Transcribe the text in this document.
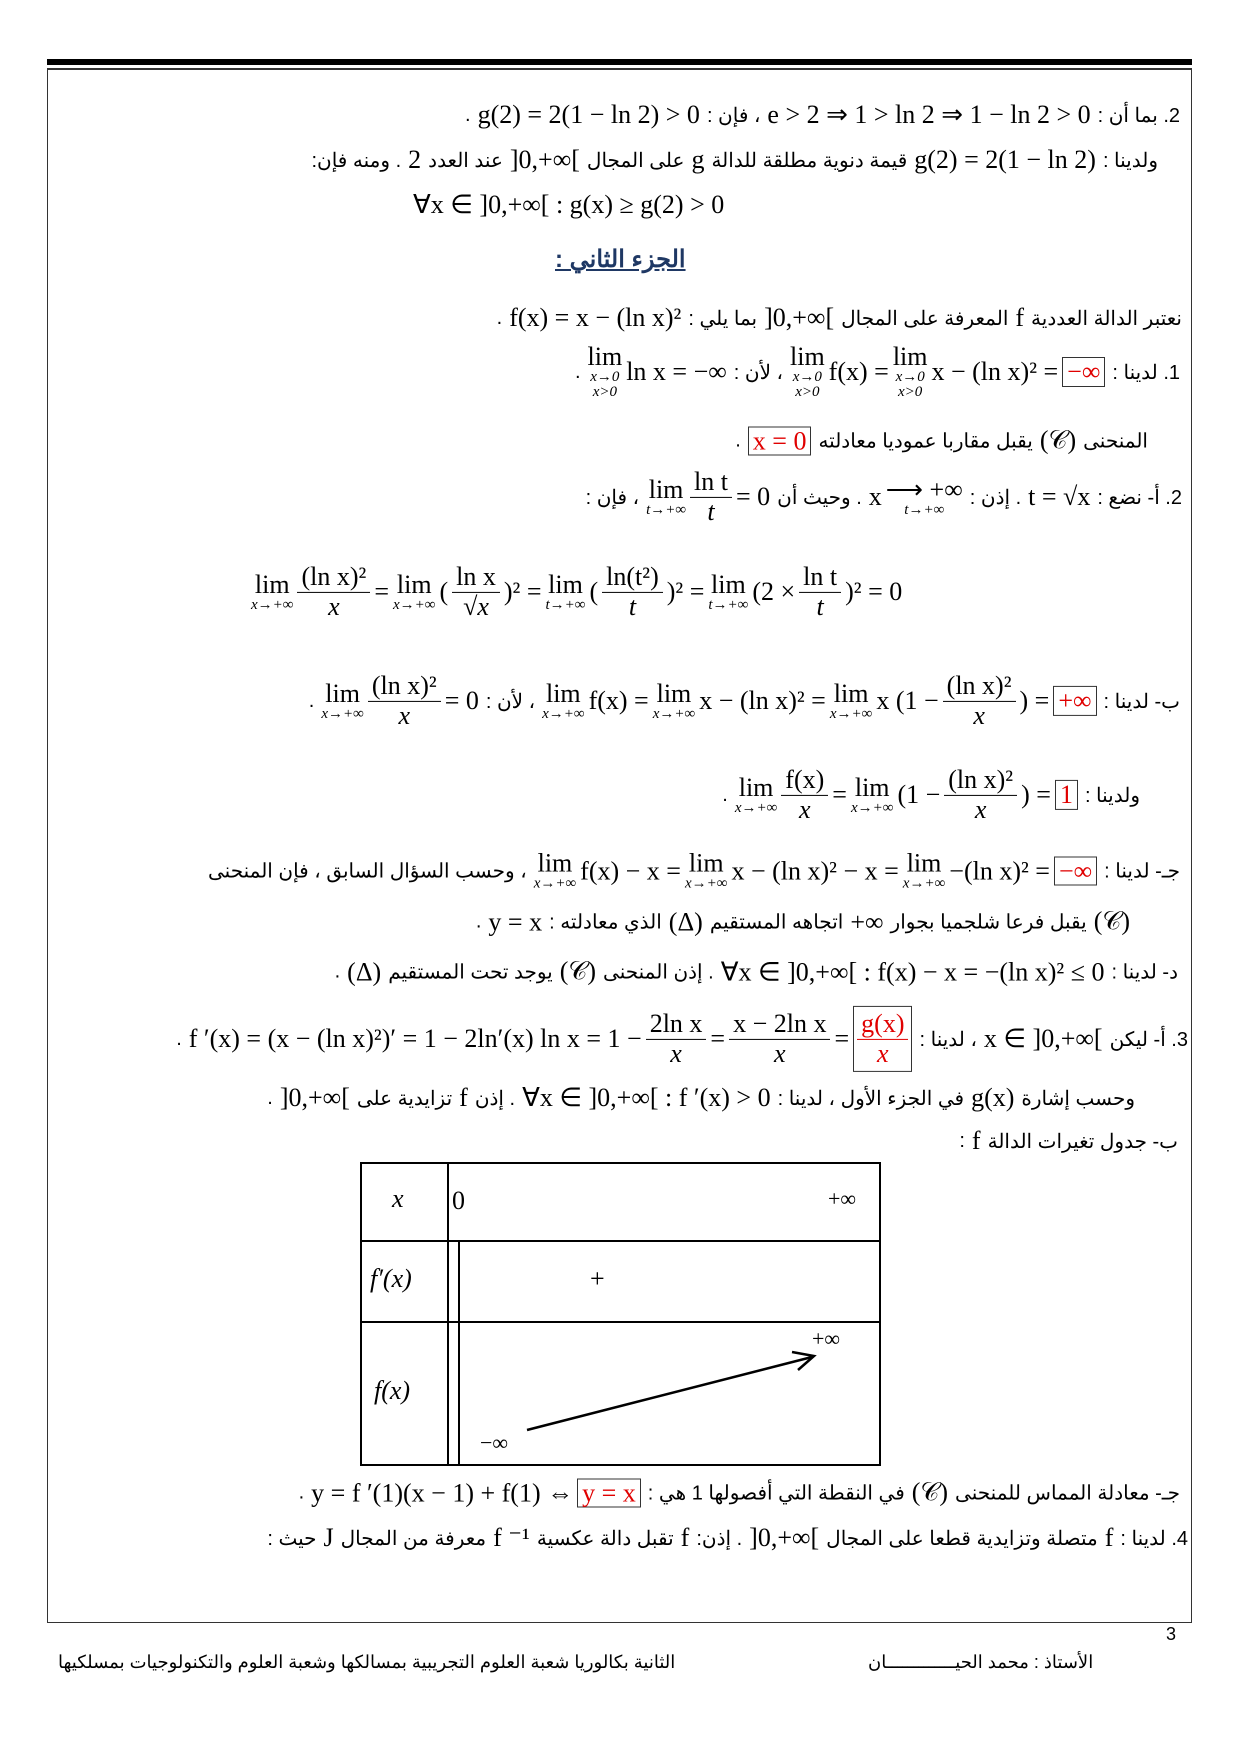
الجزء الثاني :
2. بما أن :
e > 2 ⇒ 1 > ln 2 ⇒ 1 − ln 2 > 0
، فإن :
g(2) = 2(1 − ln 2) > 0
.
ولدينا :
g(2) = 2(1 − ln 2)
قيمة دنوية مطلقة للدالة
g
على المجال
]0,+∞[
عند العدد
2
. ومنه فإن:
∀x ∈ ]0,+∞[ : g(x) ≥ g(2) > 0
نعتبر الدالة العددية
f
المعرفة على المجال
]0,+∞[
بما يلي :
f(x) = x − (ln x)²
.
1. لدينا :
lim
x→0
x>0
f(x) =
lim
x→0
x>0
x − (ln x)² = −∞
، لأن :
lim
x→0
x>0
ln x = −∞
.
المنحنى
(𝒞)
يقبل مقاربا عموديا معادلته
x = 0
.
2. أ- نضع :
t = √x
. إذن :
x ⟶ +∞
t→+∞
. وحيث أن
lim
$t\to+\infty \frac{\text{ln t}}{t} = 0$
، فإن :
lim
$x\to+\infty \frac{\text{(ln x)²}}{x} = \lim$
x→+∞ ( $\frac{\text{ln x}}{√x} )^2 = \lim$
t→+∞ ( $\frac{\text{ln(t²)}}{t} )^2 = \lim$
t→+∞ $(2 \times \frac{\text{ln t}}{t} )^2 = 0$
ب- لدينا :
lim
x→+∞ f(x) = lim
x→+∞ x − (ln x)² = lim
x→+∞ x ($1 - \frac{\text{(ln x)²}}{x}$ ) = +∞
، لأن :
lim
$x\to+\infty \frac{\text{(ln x)²}}{x} = 0$
.
ولدينا :
lim
$x\to+\infty \frac{f(x)}{x} = \lim$
x→+∞ ($1 - \frac{\text{(ln x)²}}{x}$ ) = 1
.
جـ- لدينا :
lim
x→+∞ f(x) − x = lim
x→+∞ x − (ln x)² − x = lim
x→+∞ −(ln x)² = −∞
، وحسب السؤال السابق ، فإن المنحنى
(𝒞)
يقبل فرعا شلجميا بجوار
+∞
اتجاهه المستقيم
(Δ)
الذي معادلته :
y = x
.
د- لدينا :
∀x ∈ ]0,+∞[ : f(x) − x = −(ln x)² ≤ 0
. إذن المنحنى
(𝒞)
يوجد تحت المستقيم
(Δ)
.
3. أ- ليكن
x ∈ ]0,+∞[
، لدينا :
f ′(x) = (x − (ln x)²)′ = 1 − 2ln′(x) $\ln x = 1 - \frac{\text{2ln x}}{x} = \frac{\text{x − 2ln x}}{x} = \frac{g(x)}{x}$
.
وحسب إشارة
g(x)
في الجزء الأول ، لدينا :
∀x ∈ ]0,+∞[ : f ′(x) > 0
. إذن
f
تزايدية على
]0,+∞[
.
ب- جدول تغيرات الدالة
f
:
جـ- معادلة المماس للمنحنى
(𝒞)
في النقطة التي أفصولها 1 هي :
y = f ′(1)(x − 1) + f(1) ⇔ y = x
.
4. لدينا :
f
متصلة وتزايدية قطعا على المجال
]0,+∞[
. إذن:
f
تقبل دالة عكسية
f ⁻¹
معرفة من المجال
J
حيث :
x
f′(x)
f(x)
0	+∞
+
+∞
−∞
3
الأستاذ : محمد الحيـــــــــــــان
الثانية بكالوريا شعبة العلوم التجريبية بمسالكها وشعبة العلوم والتكنولوجيات بمسلكيها
